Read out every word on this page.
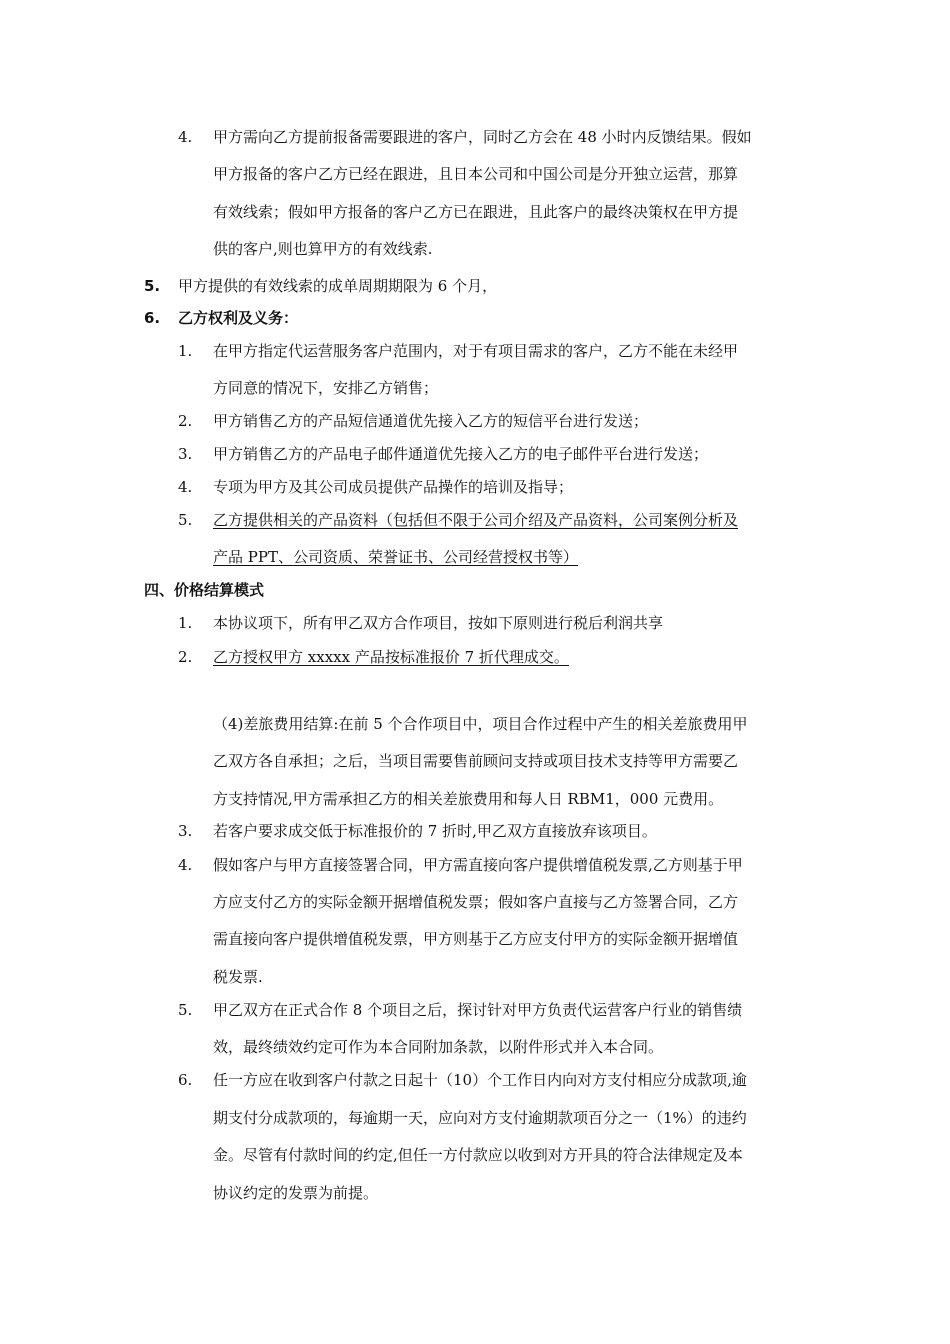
4. 甲方需向乙方提前报备需要跟进的客户，同时乙方会在 48 小时内反馈结果。假如
甲方报备的客户乙方已经在跟进，且日本公司和中国公司是分开独立运营，那算
有效线索；假如甲方报备的客户乙方已在跟进，且此客户的最终决策权在甲方提
供的客户,则也算甲方的有效线索.
5. 甲方提供的有效线索的成单周期期限为 6 个月，
6. 乙方权利及义务：
1. 在甲方指定代运营服务客户范围内，对于有项目需求的客户，乙方不能在未经甲
方同意的情况下，安排乙方销售；
2. 甲方销售乙方的产品短信通道优先接入乙方的短信平台进行发送；
3. 甲方销售乙方的产品电子邮件通道优先接入乙方的电子邮件平台进行发送；
4. 专项为甲方及其公司成员提供产品操作的培训及指导；
5. 乙方提供相关的产品资料（包括但不限于公司介绍及产品资料，公司案例分析及
产品 PPT、公司资质、荣誉证书、公司经营授权书等）
四、价格结算模式
1. 本协议项下，所有甲乙双方合作项目，按如下原则进行税后利润共享
2. 乙方授权甲方 xxxxx 产品按标准报价 7 折代理成交。
（4)差旅费用结算:在前 5 个合作项目中，项目合作过程中产生的相关差旅费用甲
乙双方各自承担；之后，当项目需要售前顾问支持或项目技术支持等甲方需要乙
方支持情况,甲方需承担乙方的相关差旅费用和每人日 RBM1，000 元费用。
3. 若客户要求成交低于标准报价的 7 折时,甲乙双方直接放弃该项目。
4. 假如客户与甲方直接签署合同，甲方需直接向客户提供增值税发票,乙方则基于甲
方应支付乙方的实际金额开据增值税发票；假如客户直接与乙方签署合同，乙方
需直接向客户提供增值税发票，甲方则基于乙方应支付甲方的实际金额开据增值
税发票.
5. 甲乙双方在正式合作 8 个项目之后，探讨针对甲方负责代运营客户行业的销售绩
效，最终绩效约定可作为本合同附加条款，以附件形式并入本合同。
6. 任一方应在收到客户付款之日起十（10）个工作日内向对方支付相应分成款项,逾
期支付分成款项的，每逾期一天，应向对方支付逾期款项百分之一（1%）的违约
金。尽管有付款时间的约定,但任一方付款应以收到对方开具的符合法律规定及本
协议约定的发票为前提。
